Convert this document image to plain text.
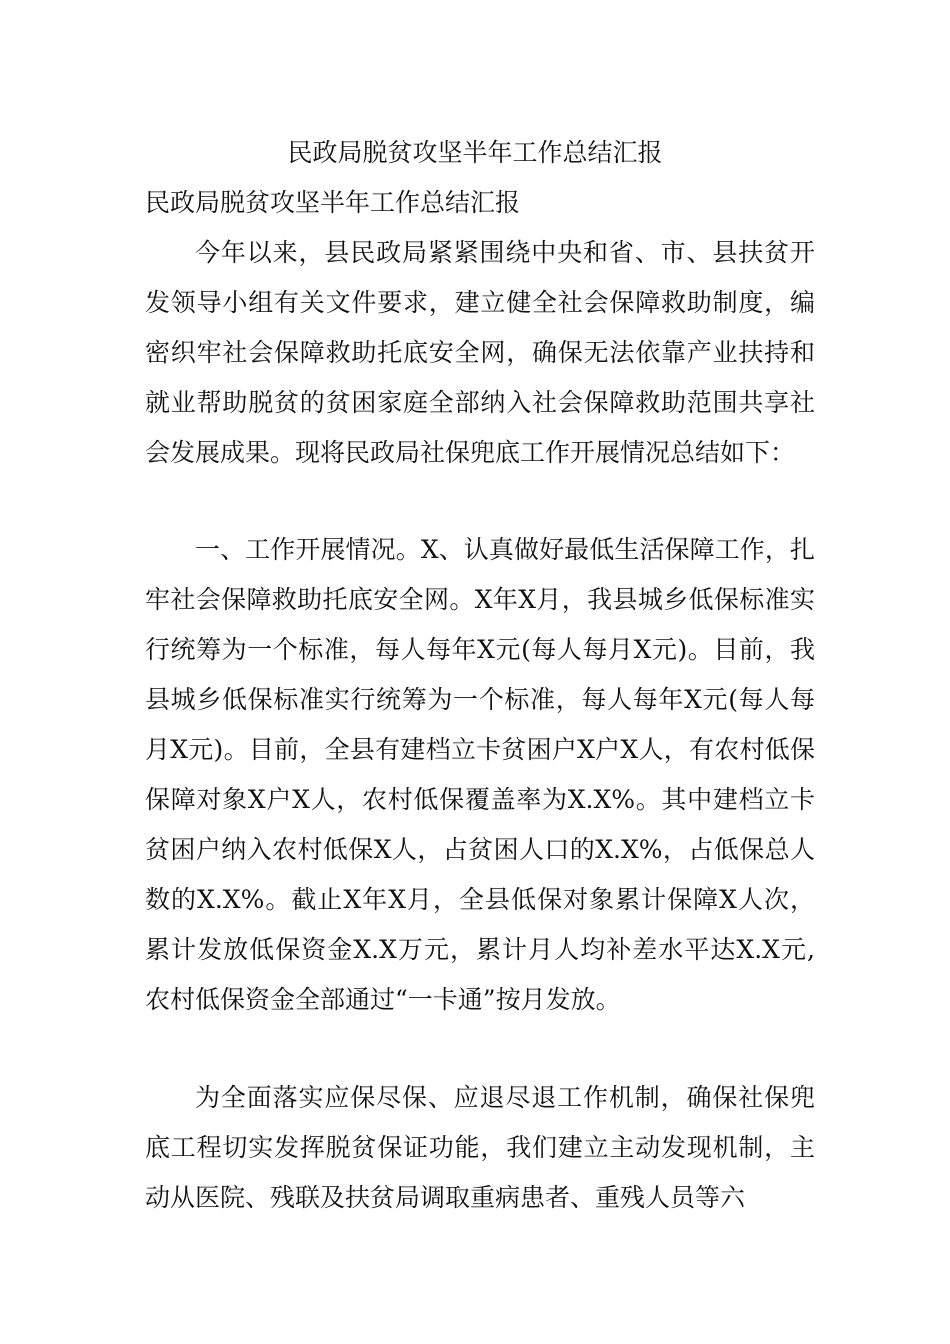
民政局脱贫攻坚半年工作总结汇报
民政局脱贫攻坚半年工作总结汇报

今年以来，县民政局紧紧围绕中央和省、市、县扶贫开发领导小组有关文件要求，建立健全社会保障救助制度，编密织牢社会保障救助托底安全网，确保无法依靠产业扶持和就业帮助脱贫的贫困家庭全部纳入社会保障救助范围共享社会发展成果。现将民政局社保兜底工作开展情况总结如下：

一、工作开展情况。X、认真做好最低生活保障工作，扎牢社会保障救助托底安全网。X年X月，我县城乡低保标准实行统筹为一个标准，每人每年X元(每人每月X元)。目前，我县城乡低保标准实行统筹为一个标准，每人每年X元(每人每月X元)。目前，全县有建档立卡贫困户X户X人，有农村低保保障对象X户X人，农村低保覆盖率为X.X%。其中建档立卡贫困户纳入农村低保X人，占贫困人口的X.X%，占低保总人数的X.X%。截止X年X月，全县低保对象累计保障X人次，累计发放低保资金X.X万元，累计月人均补差水平达X.X元,农村低保资金全部通过“一卡通”按月发放。

为全面落实应保尽保、应退尽退工作机制，确保社保兜底工程切实发挥脱贫保证功能，我们建立主动发现机制，主动从医院、残联及扶贫局调取重病患者、重残人员等六
